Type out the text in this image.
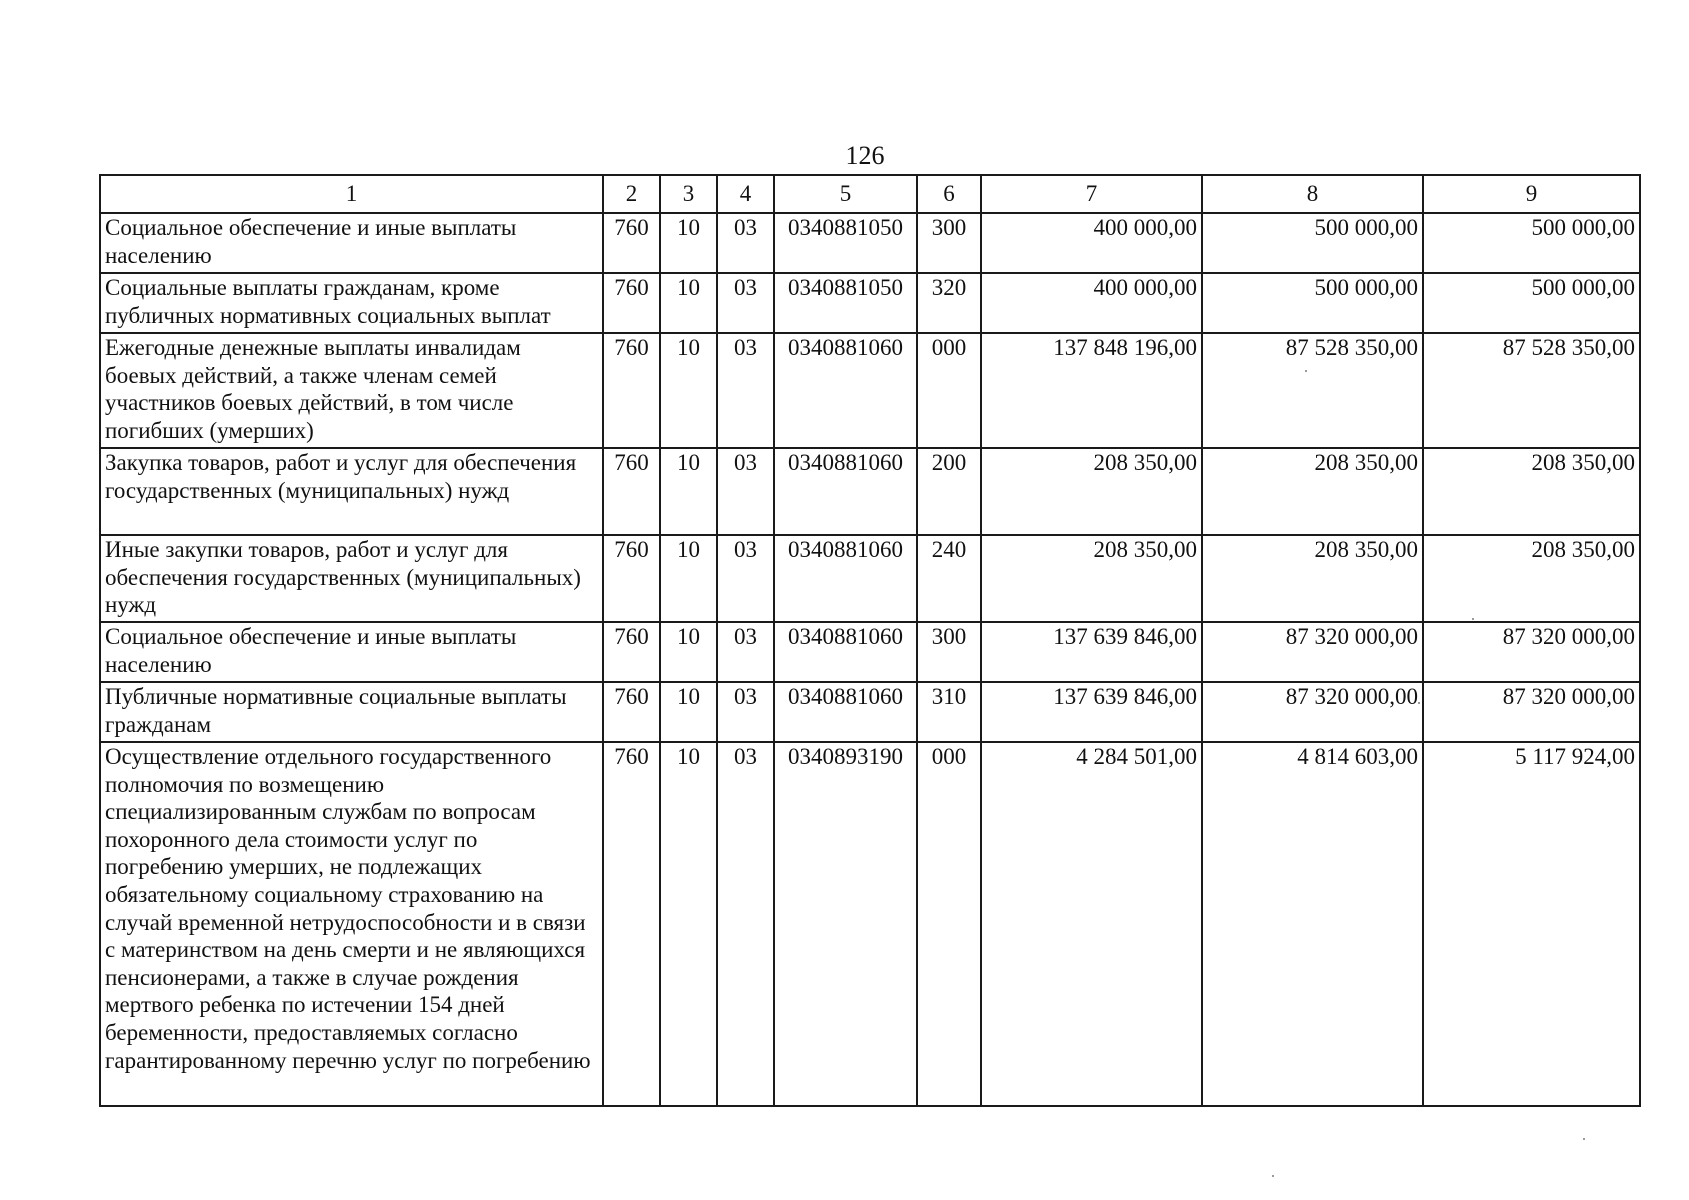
126
1	2	3	4	5	6	7	8	9
Социальное обеспечение и иные выплаты населению	760	10	03	0340881050	300	400 000,00	500 000,00	500 000,00
Социальные выплаты гражданам, кроме публичных нормативных социальных выплат	760	10	03	0340881050	320	400 000,00	500 000,00	500 000,00
Ежегодные денежные выплаты инвалидам боевых действий, а также членам семей участников боевых действий, в том числе погибших (умерших)	760	10	03	0340881060	000	137 848 196,00	87 528 350,00	87 528 350,00
Закупка товаров, работ и услуг для обеспечения государственных (муниципальных) нужд	760	10	03	0340881060	200	208 350,00	208 350,00	208 350,00
Иные закупки товаров, работ и услуг для обеспечения государственных (муниципальных) нужд	760	10	03	0340881060	240	208 350,00	208 350,00	208 350,00
Социальное обеспечение и иные выплаты населению	760	10	03	0340881060	300	137 639 846,00	87 320 000,00	87 320 000,00
Публичные нормативные социальные выплаты гражданам	760	10	03	0340881060	310	137 639 846,00	87 320 000,00	87 320 000,00
Осуществление отдельного государственного полномочия по возмещению специализированным службам по вопросам похоронного дела стоимости услуг по погребению умерших, не подлежащих обязательному социальному страхованию на случай временной нетрудоспособности и в связи с материнством на день смерти и не являющихся пенсионерами, а также в случае рождения мертвого ребенка по истечении 154 дней беременности, предоставляемых согласно гарантированному перечню услуг по погребению	760	10	03	0340893190	000	4 284 501,00	4 814 603,00	5 117 924,00
